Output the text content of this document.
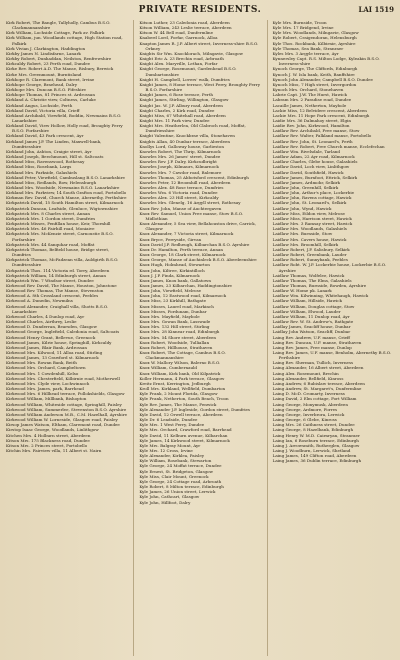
PRIVATE RESIDENTS.	LAI 1519

Kirk Robert, The Bangle, Tallyholly, Cambus B.S.O. Clackmannanshire

Kirk William, Lochside Cottage, Park av. Falkirk

Kirk William, jun. Woodlands cottage, High Station road, Falkirk

Kirk Vivian J. Clarkington, Haddington

Kirkby James N. Lindisfarne, Lanark

Kirkby Robert, Dunhaddan, Neilston, Renfrewshire

Kirkcaldy Robert, 23 Perth road, Dundee

Kirke Rev. Robert A.D. The Manse, Risbury, Berwick

Kirke Mrs. Greenmount, Burntisland

Kirkhope R. Claremont, Bank street, Irvine

Kirkhope George, Braehead, Dalry

Kirkhope Mrs. Duncan B.S.O. Fifeshire

Kirkhope Thomas, 81 Princes st. Ardrossan

Kirkland A. Christie view, Coltness, Carluke

Kirkland Angus, Lochside, Perth

Kirkland David, Victoria villa, Crieff

Kirkland Archibald, Viewfield, Boddin, Newmains B.S.O. Lanarkshire

Kirkland David, View Hollow, Holly road, Broughty Ferry B.S.O. Forfarshire

Kirkland David, 43 Park crescent, Ayr

Kirkland James J.P. The Linden, Maxwell-bank, Dumfriesshire

Kirkland John, Ashton, Craigie street, Ayr

Kirkland Joseph, Beechmount, Hill st. Saltcoats

Kirkland Miss, Ravenswood, Rothesay

Kirkland Miss, Rosebank, Largs

Kirkland Mrs. Parkside, Galashiels

Kirkland Peter, Viewfield, Cambuslang B.S.O. Lanarkshire

Kirkland Miss, Redlands, Bow, Helensburgh

Kirkland Mrs. Woodside, Newmains B.S.O. Lanarkshire

Kirkland Mrs. Parkview, 14 South Grafton road, Portobello

Kirkman Rev. David, Church Manse, Abernethy, Perthshire

Kirkpatrick David, 15 South Hamilton street, Kilmarnock

Kirkpatrick Duncan, Leafside, Glenluce, Wigtownshire

Kirkpatrick Mrs. 8 Charles street, Annan

Kirkpatrick Mrs. 1 Gordon street, Dumfries

Kirkpatrick Misses, Penfillan house, Keir, Thornhill

Kirkpatrick Mrs. 46 Fairhill road, Moniaive

Kirkpatrick Mrs. McKenzie street, Carnoustie B.S.O. Forfarshire

Kirkpatrick Mrs. 44 Sanquhar road, Moffat

Kirkpatrick Thomas, Belfield house, Bridge street, Dumfries

Kirkpatrick Thomas, McFadzean villa, Auldgirth B.S.O. Dumfriesshire

Kirkpatrick Thos. 114 Victoria rd. Torry, Aberdeen

Kirkpatrick William, 14 Edinburgh street, Annan

Kirkpatrick Wm. 7 Windsor street, Dundee

Kirkwood Rev. David, The Manse, Houston, Johnstone

Kirkwood Rev. Thomas, The Manse, Stevenston

Kirkwood A. 8th Crossland crescent, Peebles

Kirkwood A. Dunedin, Newmilns

Kirkwood Alexander, Craighall villa, Shotts B.S.O. Lanarkshire

Kirkwood Charles, 4 Dunlop road, Ayr

Kirkwood Charles, Airthrey, Leslie

Kirkwood D. Dunderran, Bearsden, Glasgow

Kirkwood George, Inglefield, Caledonia road, Saltcoats

Kirkwood Henry Grant, Bellevue, Greenock

Kirkwood James, Kilrie house, Springhill, Kirkcaldy

Kirkwood James, Blair Bank, Ardrossan

Kirkwood Mrs. Kilwood, 11 Alloa road, Stirling

Kirkwood James, 13 Crawford st. Kilmarnock

Kirkwood Mrs. Rowan Bank, Beith

Kirkwood Mrs. Orchard, Campbeltown

Kirkwood Mrs. 1 Cowdenhill, Kelso

Kirkwood Mrs. Chesterfield, Kilbirnie road, Motherwell

Kirkwood Mrs. Clyde view, Lochwinnoch

Kirkwood Mrs. James, park, Barrhead

Kirkwood Mrs. 6 Hillhead terrace, Pollokshields, Glasgow

Kirkwood William, Millbank, Bishopton

Kirkwood William, Whiteside cottage, Springhill, Paisley

Kirkwood William, Summerlee, Stevenston B.S.O. Ayrshire

Kirkwood William Anderson M.B., C.M. Hazelhall, Ayrshire

Kirkwood William W. Lorneside, Glasgow road, Paisley

Kirsop James Watson, Eltham, Claremont road, Dundee

Kirstop Isaac George, Woodlands, Linlithgow

Kitchen Mrs. 4 Holburn street, Aberdeen

Kitson Mrs. 175 Blackness road, Dundee

Kitson Mrs. 2 Princes street, Portobello

Kitchin Mrs. Fairview villa, 11 Albert st. Nairn

Kitson Luther, 23 Caledonia road, Aberdeen

Kitson William, 243 Leslie terrace, Aberdeen

Kitson W. 44 Bell road, Dunfermline

Knaberd Lord, Forfar, Garrnock, Alloa

Knapton James R. J.P. Albert street, Inverness-shire B.S.O. Orkney

Knights Sir Wm. Knocklorach, Milngavie, Glasgow

Knight Eric A. 23 Brechin road, Arbroath

Knight Alex. Maryville, Lethan, Forfar

Knight George, Rosemount, Gardenhead B.S.O. Dumbartonshire

Knight H. Campbell, Lovers' walk, Dumfries

Knight James, 8 Home terrace, West Ferry, Broughty Ferry B.S.O. Forfarshire

Knight James, 6 Rose terrace, Perth

Knight James, Stirling, Willington, Glasgow

Knight Jas. W. J.P. Albury road, Aberdeen

Knight Charles, 2 Kirk road, Dundee

Knight Miss, 67 Whitehall road, Aberdeen

Knight Mrs. 11 Park view, Dundee

Knight Mrs. Heatherlea, Old Clabroch road, Moffat, Dumfriesshire

Knight Valentine, Knockbrae villa, Stonehaven

Knights Allan, 40 Dunbar terrace, Aberdeen

Knollys Lord, Galloway house, Garlieston

Knowles Robert, The Thrip, Kilmarnock

Knowles Mrs. 26 James' street, Dundee

Knowles Rev. J.P. Dalry, Kirkcudbright

Knowles Joseph, Kilmaurs, Kilmarnock

Knowles Mrs. 7 Cawdor road, Balemore

Knowles Thomas, 25 Abbotsford crescent, Edinburgh

Knowles Peter, 12 Broomhill road, Aberdeen

Knowles Alex. 48 Rose terrace, Dumfries

Knowles Wm. 6 Victoria road, Dundee

Knowles Alex. 23 Hill street, Kirkcaldy

Knowles Mrs. Glenelg, 16 Argyll street, Rothesay

Knox Rev. John, Manse of Auchtergaven

Knox Rev. Samuel, Union Free manse, Stow B.S.O. Midlothian

Knox Alexander, 5 Sea view, Bellahouston drive, Carrick, Glasgow

Knox Alexander, 7 Victoria street, Kilmarnock

Knox Bryce, Ferryside, Girvan

Knox David J.P. Redheugh, Kilbarchan B.S.O. Ayrshire

Knox Dr. Hamilton, Perth terrace, Annan

Knox George, 18 Clark street, Kilmarnock

Knox George, Manse of Auchinleck B.S.O. Aberdeenshire

Knox Hugh, Holmhead, Stewarton

Knox John, Kiltree, Kirkintilloch

Knox J. J.P. Finda, Kilmarnock

Knox James, Knox bank, Gallatown

Knox James, 23 Kilbarchan, Haddingtonshire

Knox John, Viewfield, Melrose

Knox John, 12 Eastwood road, Kilmarnock

Knox Miss, 23 Kirkhill, Bathgate

Knox Misses, Laurel road, Markinch

Knox Misses, Fordunam, Dunbar

Knox Mrs. Mayfield, Maybole

Knox Mrs. Gowan Bank, Lasswade

Knox Mrs. 132 Hill street, Stirling

Knox Mrs. 28 Kinnear road, Edinburgh

Knox Mrs. 54 Shore street, Aberdeen

Knox Robert, Woodside, Tulliallan

Knox Robert, Hillhouse, Strathaven

Knox Robert, The Cottage, Cambus B.S.O. Clackmannanshire

Knox W. Mallory Wilson, Balerno B.S.O.

Knox William, Cumbernauld

Knox William, Kirk bank, Old Kilpatrick

Koller Hermann, 4 Park terrace, Glasgow

Kreitz Ernst, Kerrington, Jedburgh

Kroll Mrs. Kirkland, Wellfield, Dumbarton

Kyle Frank, 2 Mount Florida, Glasgow

Kyle Frank, Netherton, South Beach, Troon

Kyle Rev. James, The Manse, Fenwick

Kyle Alexander J.P. Ingleside, Gordon street, Dumfries

Kyle David, 12 Orwell terrace, Aberdeen

Kyle Dr. 6 Leadside, Dundee

Kyle Mrs. 1 West Ferry, Dundee

Kyle Mrs. Orchard, Crawford road, Barrhead

Kyle David, 11 Kelburn avenue, Kilbarchan

Kyle James, 14 Kirkwood street, Kilmarnock

Kyle Mrs. Balgray Mount, Ayr

Kyle Mrs. 12 Cross, Irvine

Kyle Alexander, Kirklea, Paisley

Kyle William, Rosebank, Stewarton

Kyle George, 24 Moffat terrace, Dundee

Kyle Ernest, St. Bridgeton, Glasgow

Kyle Miss, Clair Mount, Greenock

Kyle George, 24 Cottage road, Arbroath

Kyle Robert, 8 Milton terrace, Edinburgh

Kyle James, 26 Union street, Lerwick

Kyle John, Cathcart, Glasgow

Kyle John, Hillfoot, Dalry

Kyle Mrs. Burnside, Troon

Kyle Mrs. 17 Bridgend, Irvine

Kyle Mrs. Woodlands, Milngavie, Glasgow

Kyle Robert, Craigendoran, Helensburgh

Kyle Thos. Rockbank, Kilbirnie, Ayrshire

Kyle Thomas, Sea Bank, Stranraer

Kyles Mrs. 3 Argyle terrace, Ayr

Kynnersley Capt. R.S. Milton Lodge, Kyleakin B.S.O. Inverness-shire

Kynoch George, The Cliffords, Edinburgh

Kynoch J. W. Isla bank, Keith, Banffshire

Kynoch John Alexander, Campbell B.S.O. Dundee

Kynoch Miss, 7 High street, Invergordon

Kynoch Mrs. Orchard, Stonehaven

Labrie Capt. J.W. The Hurst, Hawick

Labram Mrs. 2 Paradise road, Dundee

Lacaille James, Netherton, Maybole

Lackie Miss, 12 Belvidere crescent, Aberdeen

Lackie Mrs. 11 Hope Park crescent, Edinburgh

Laidie Mrs. 36 Dalmahoy street, Elgin

Laidie Rev. John, Kirkwood, Hamilton

Laidlaw Rev. Archibald, Free manse, Stow

Laidlaw Rev. Walter, Falkland manse, Portobello

Laidlaw Rev. John, St. Leonard's, Perth

Laidlaw Rev. Robert, Free Church manse, Ecclefechan

Laidlaw Wm. Rivelsdale, Tarland

Laidlaw Adam, 22 Ayr road, Kilmarnock

Laidlaw Charles, Glebe house, Galashiels

Laidlaw David, Loch view, Linlithgow

Laidlaw David, Southfield, Hawick

Laidlaw James, Burnfoot, Ettrick, Selkirk

Laidlaw James, Ardmohr, Selkirk

Laidlaw John, Greenhill, Selkirk

Laidlaw John, Arthur's place, Lockerbie

Laidlaw John, Ravens cottage, Hawick

Laidlaw John, St. Leonard's, Selkirk

Laidlaw John, Wynd, Hawick

Laidlaw Miss, Eildon view, Melrose

Laidlaw Miss, Harrison street, Hawick

Laidlaw Mrs. 3 Ramsay street, Hawick

Laidlaw Mrs. Woodlands, Galashiels

Laidlaw Mrs. Burnside, Stow

Laidlaw Mrs. Cavers house, Hawick

Laidlaw Mrs. Broomhill, Selkirk

Laidlaw Robert, J.P. Salisbury, Selkirk

Laidlaw Robert, Greenbank, Lauder

Laidlaw Robert, Sunnybank, Peebles

Laidlaw Robt. W. J.P. Lockerbie house, Lockerbie B.S.O. Ayrshire

Laidlaw Thomas, Wolfelee, Hawick

Laidlaw Thomas, The Elms, Galashiels

Laidlaw Thomas, Burnside, Bowden, Ayrshire

Laidlaw W. Home pk. Lanark

Laidlaw Wm. Kilwinning, Whitehaugh, Hawick

Laidlaw William, Hillside, Hawick

Laidlaw William, Douglas cottage, Stow

Laidlaw William, Elwood, Lauder

Laidlaw William, 11 Dunlop road, Ayr

Laidlaw Rev. W. St. Andrew's, Bathgate

Laidlay James, Seacliff house, Dunbar

Laidlay John Watson, Seacliff, Dunbar

Laing Rev. Andrew, U.F. manse, Crieff

Laing Rev. Duncan, U.F. manse, Strathaven

Laing Rev. James, Free manse, Dunlop

Laing Rev. James, U.F. manse, Benholm, Abernethy B.S.O. Perthshire

Laing Rev. Sherman, Tullich, Inverness

Laing Alexander, 16 Albert street, Aberdeen

Laing Alex. Rosemount, Brechin

Laing Alexander, Bellfield, Kinross

Laing Andrew, 6 Rubislaw terrace, Aberdeen

Laing Andrew, St. Margaret's, Dunfermline

Laing D. McD. Cromarty, Inverness

Laing David, 2 Elm cottage, Fort William

Laing George, Monymusk, Aberdeen

Laing George, Ardmore, Forres

Laing George, Inverbrora, Lerwick

Laing George, 6 Glebe, Kinross

Laing Mrs. 26 Caithness street, Dundee

Laing George, 8 Hazelbank, Edinburgh

Laing Henry W. M.D. Cairnryan, Stranraer

Laing Ian, 6 Roseburn terrace, Edinburgh

Laing J. Arrowsmith, Rutherglen, Glasgow

Laing J. Woodburn, Lerwick, Shetland

Laing James, 149 Clifton road, Aberdeen

Laing James, 36 Dublin terrace, Edinburgh
